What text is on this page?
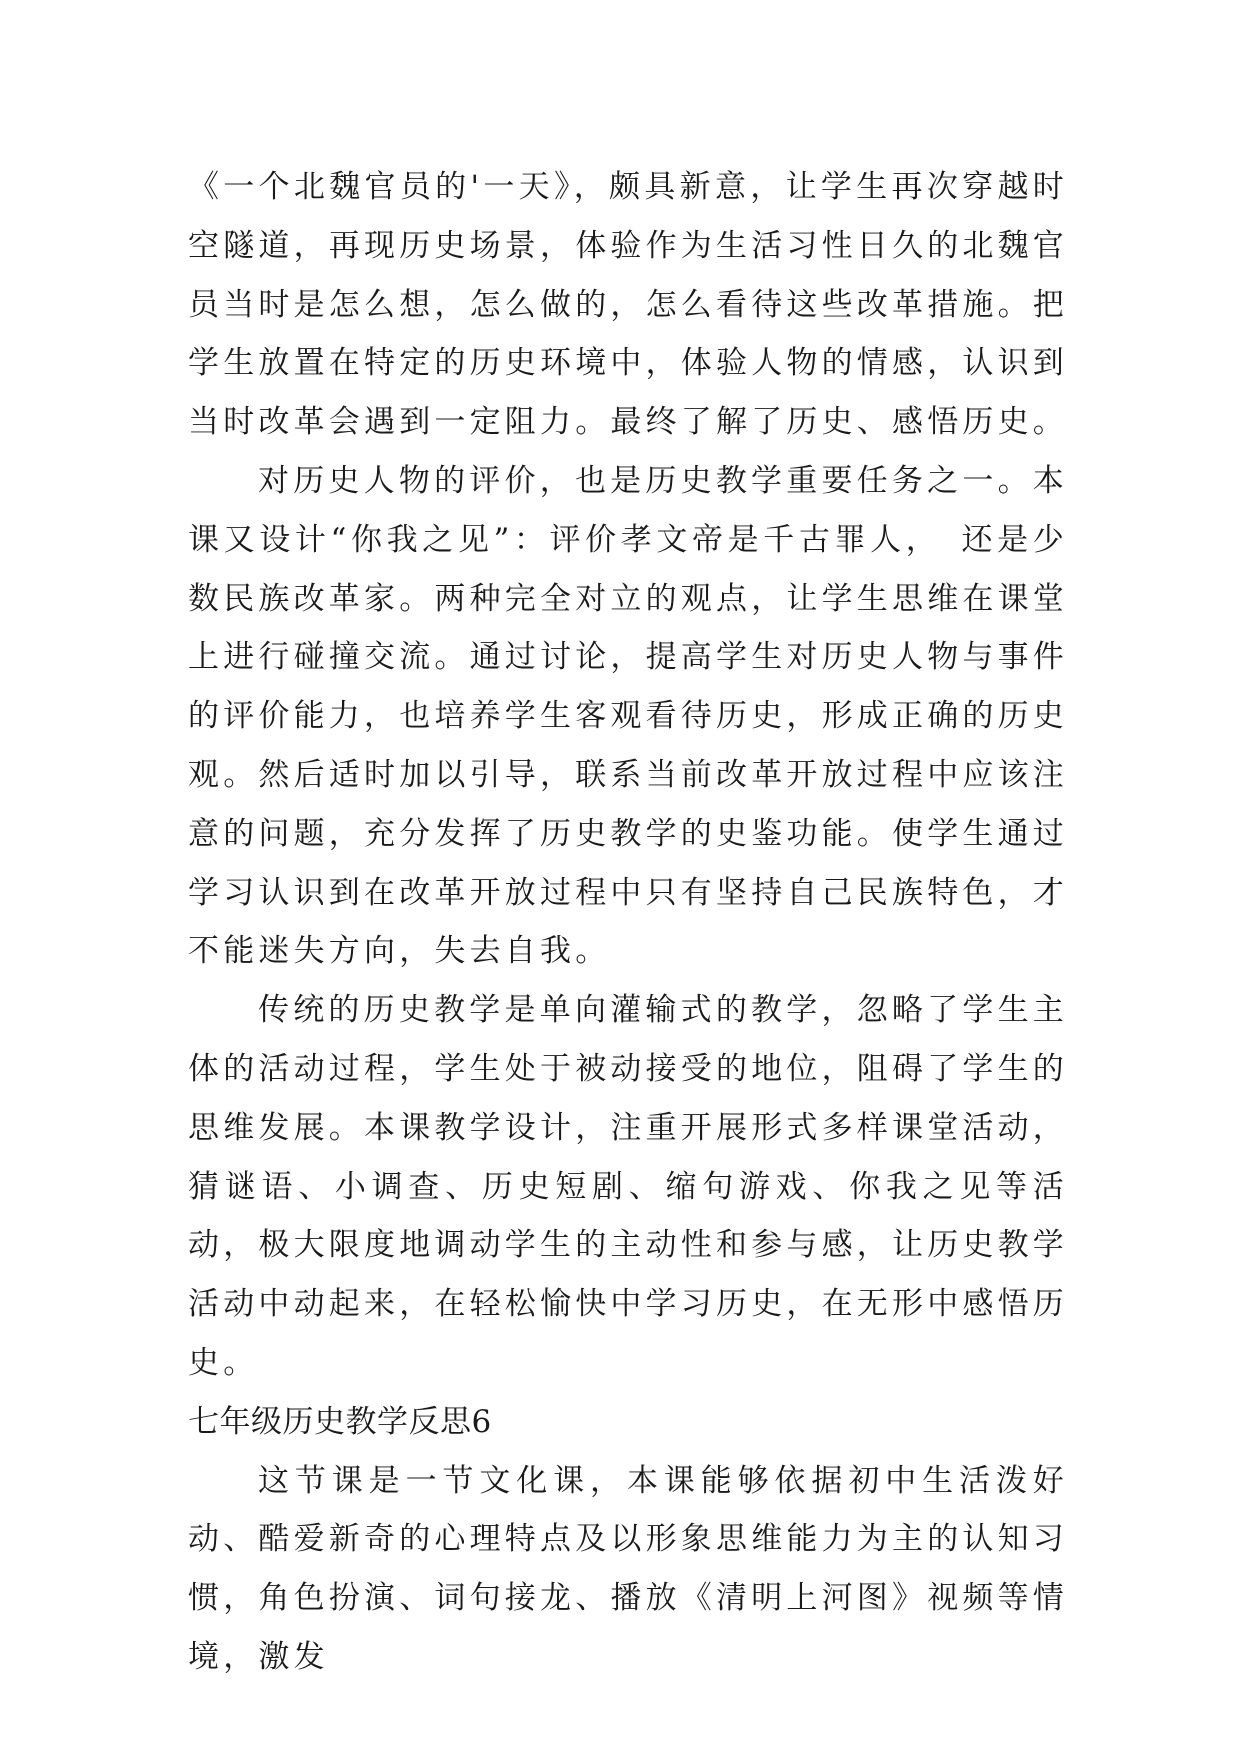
《一个北魏官员的'一天》，颇具新意，让学生再次穿越时空隧道，再现历史场景，体验作为生活习性日久的北魏官员当时是怎么想，怎么做的，怎么看待这些改革措施。把学生放置在特定的历史环境中，体验人物的情感，认识到当时改革会遇到一定阻力。最终了解了历史、感悟历史。

对历史人物的评价，也是历史教学重要任务之一。本课又设计“你我之见”：评价孝文帝是千古罪人，　还是少数民族改革家。两种完全对立的观点，让学生思维在课堂上进行碰撞交流。通过讨论，提高学生对历史人物与事件的评价能力，也培养学生客观看待历史，形成正确的历史观。然后适时加以引导，联系当前改革开放过程中应该注意的问题，充分发挥了历史教学的史鉴功能。使学生通过学习认识到在改革开放过程中只有坚持自己民族特色，才不能迷失方向，失去自我。

传统的历史教学是单向灌输式的教学，忽略了学生主体的活动过程，学生处于被动接受的地位，阻碍了学生的思维发展。本课教学设计，注重开展形式多样课堂活动，猜谜语、小调查、历史短剧、缩句游戏、你我之见等活动，极大限度地调动学生的主动性和参与感，让历史教学活动中动起来，在轻松愉快中学习历史，在无形中感悟历史。

七年级历史教学反思6

这节课是一节文化课，本课能够依据初中生活泼好动、酷爱新奇的心理特点及以形象思维能力为主的认知习惯，角色扮演、词句接龙、播放《清明上河图》视频等情境，激发
